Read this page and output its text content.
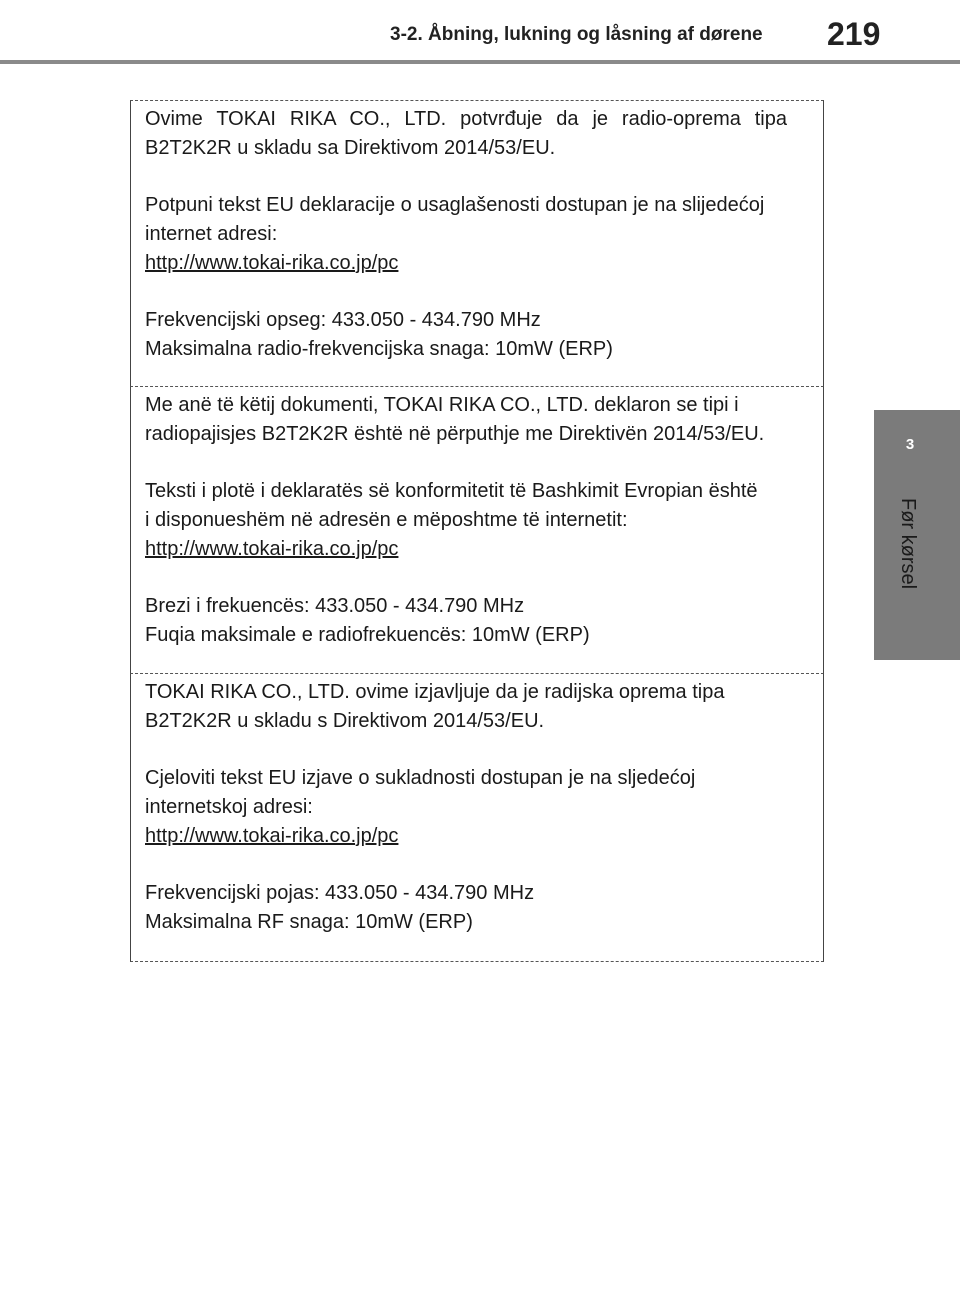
3-2. Åbning, lukning og låsning af dørene 219
3
Før kørsel

Ovime TOKAI RIKA CO., LTD. potvrđuje da je radio-oprema tipa

B2T2K2R u skladu sa Direktivom 2014/53/EU.

Potpuni tekst EU deklaracije o usaglašenosti dostupan je na slijedećoj

internet adresi:

http://www.tokai-rika.co.jp/pc

Frekvencijski opseg: 433.050 - 434.790 MHz

Maksimalna radio-frekvencijska snaga: 10mW (ERP)

Me anë të këtij dokumenti, TOKAI RIKA CO., LTD. deklaron se tipi i

radiopajisjes B2T2K2R është në përputhje me Direktivën 2014/53/EU.

Teksti i plotë i deklaratës së konformitetit të Bashkimit Evropian është

i disponueshëm në adresën e mëposhtme të internetit:

http://www.tokai-rika.co.jp/pc

Brezi i frekuencës: 433.050 - 434.790 MHz

Fuqia maksimale e radiofrekuencës: 10mW (ERP)

TOKAI RIKA CO., LTD. ovime izjavljuje da je radijska oprema tipa

B2T2K2R u skladu s Direktivom 2014/53/EU.

Cjeloviti tekst EU izjave o sukladnosti dostupan je na sljedećoj

internetskoj adresi:

http://www.tokai-rika.co.jp/pc

Frekvencijski pojas: 433.050 - 434.790 MHz

Maksimalna RF snaga: 10mW (ERP)
